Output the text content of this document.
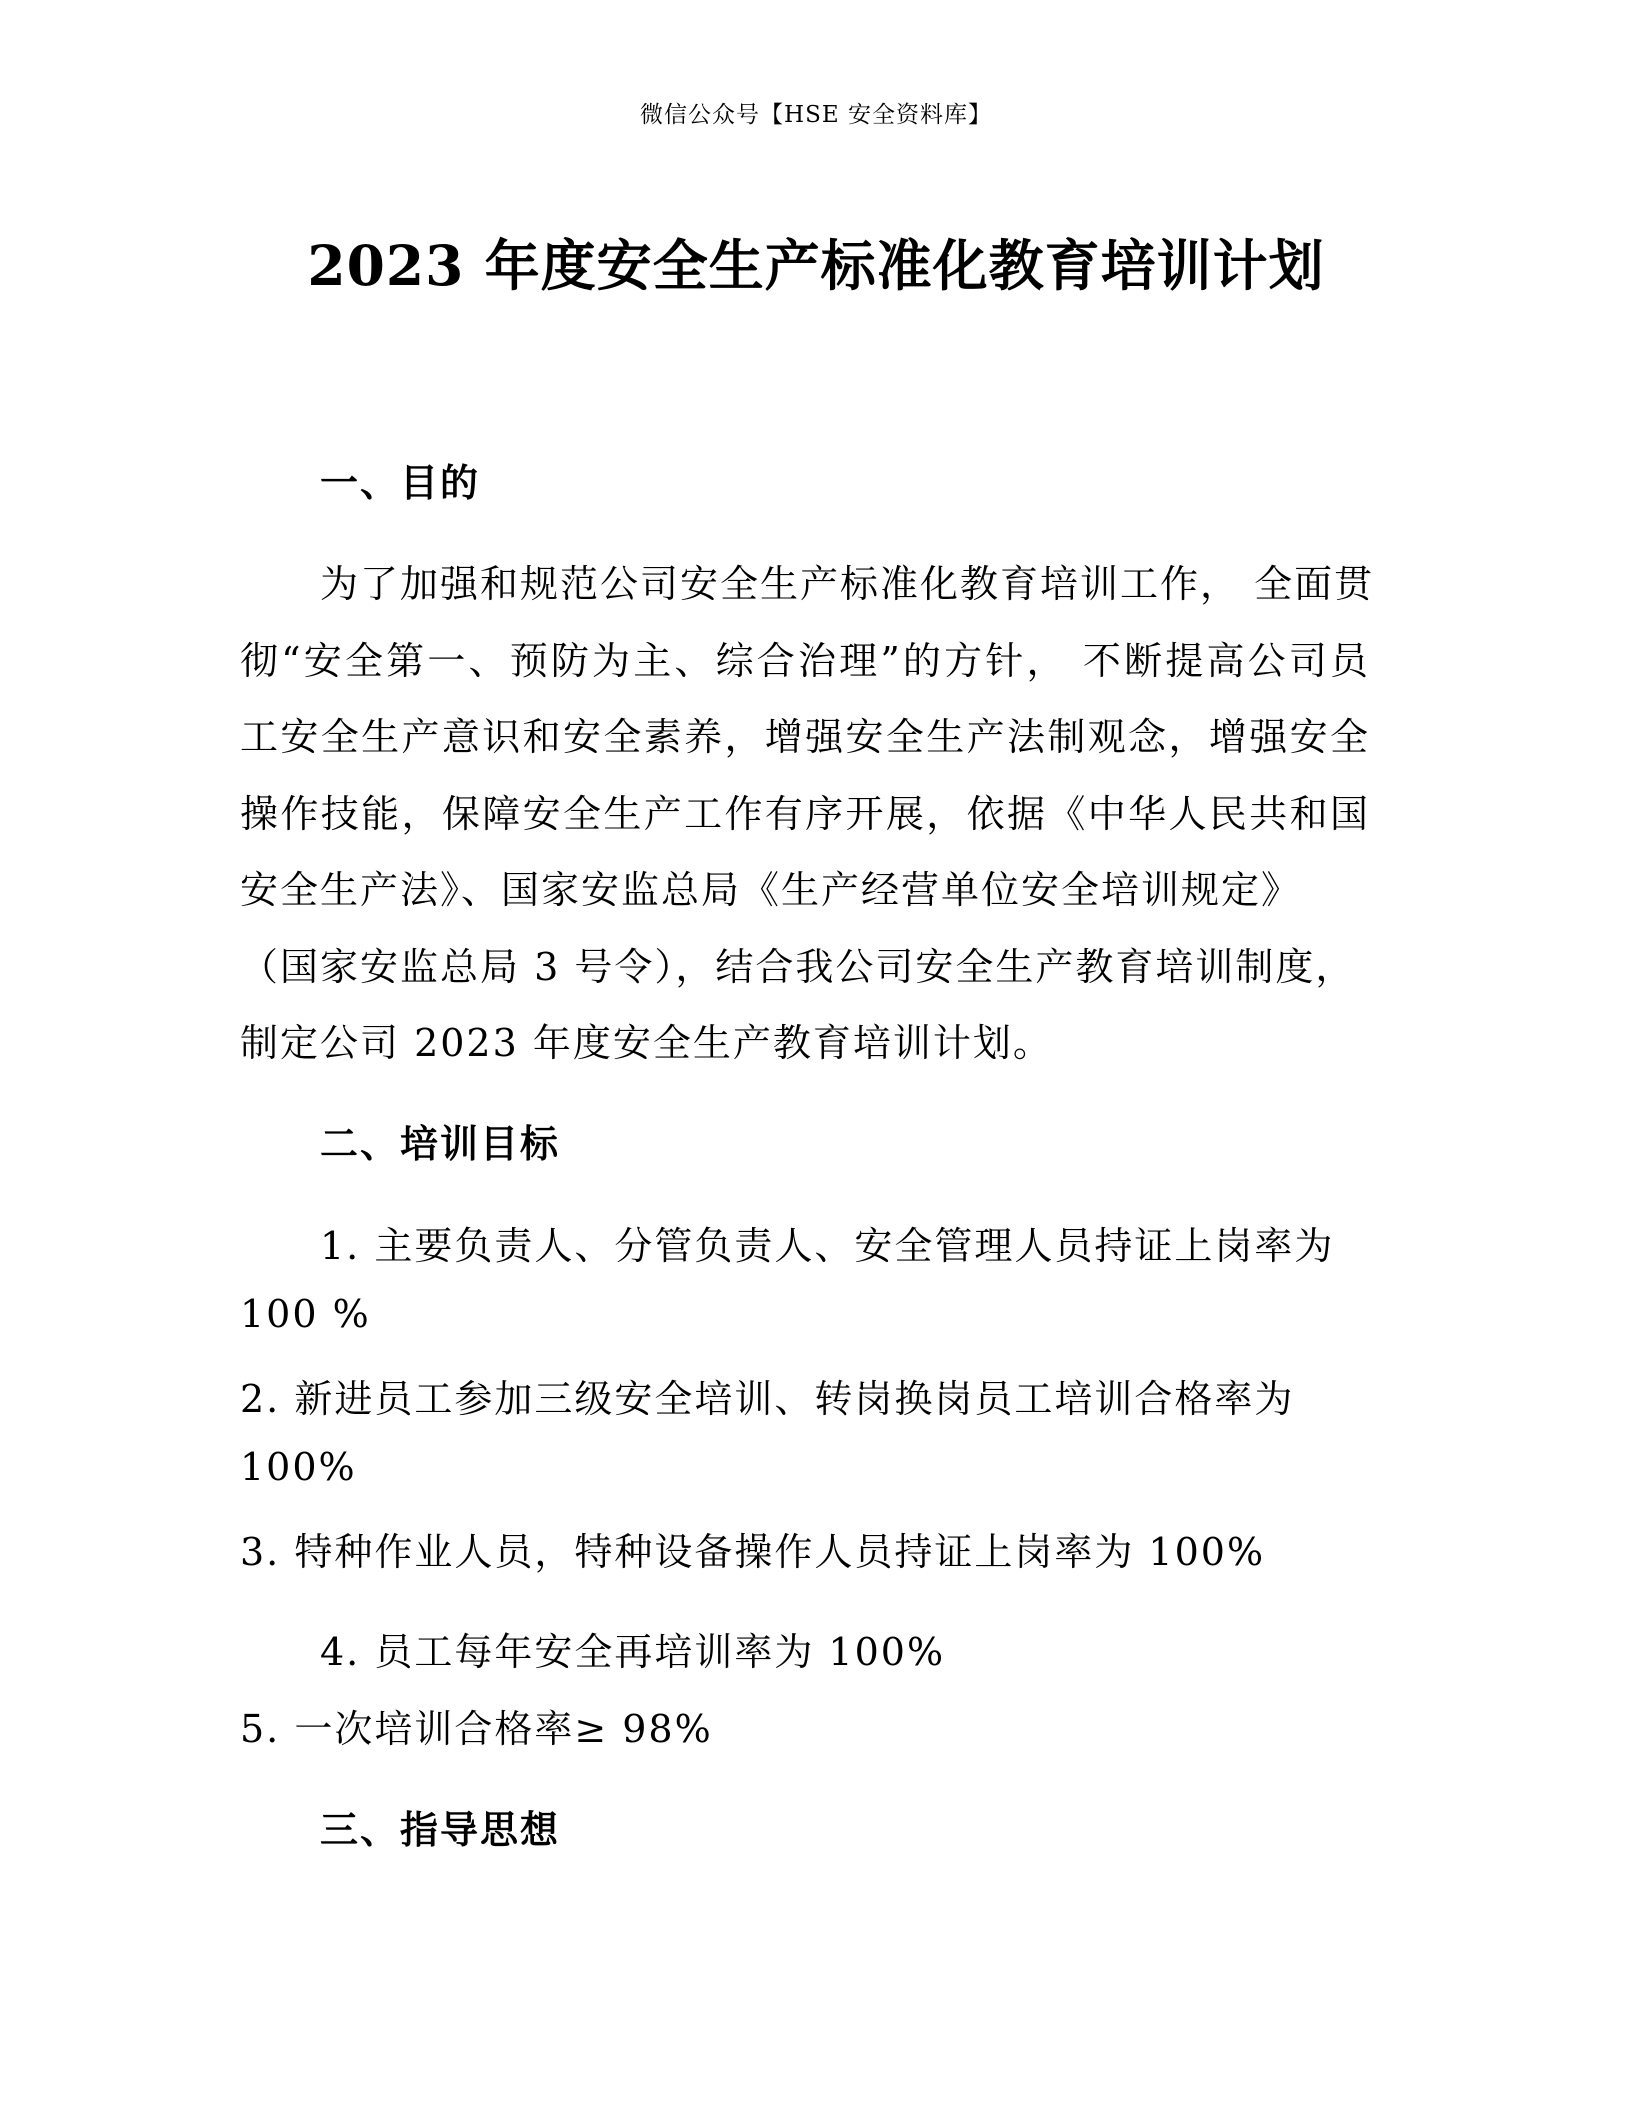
微信公众号【HSE 安全资料库】
2023 年度安全生产标准化教育培训计划
一、目的
为了加强和规范公司安全生产标准化教育培训工作， 全面贯
彻“安全第一、预防为主、综合治理”的方针， 不断提高公司员
工安全生产意识和安全素养，增强安全生产法制观念，增强安全
操作技能，保障安全生产工作有序开展，依据《中华人民共和国
安全生产法》、国家安监总局《生产经营单位安全培训规定》
（国家安监总局 3 号令），结合我公司安全生产教育培训制度，
制定公司 2023 年度安全生产教育培训计划。
二、培训目标
1. 主要负责人、分管负责人、安全管理人员持证上岗率为
100 %
2. 新进员工参加三级安全培训、转岗换岗员工培训合格率为
100%
3. 特种作业人员，特种设备操作人员持证上岗率为 100%
4. 员工每年安全再培训率为 100%
5. 一次培训合格率≥ 98%
三、指导思想
